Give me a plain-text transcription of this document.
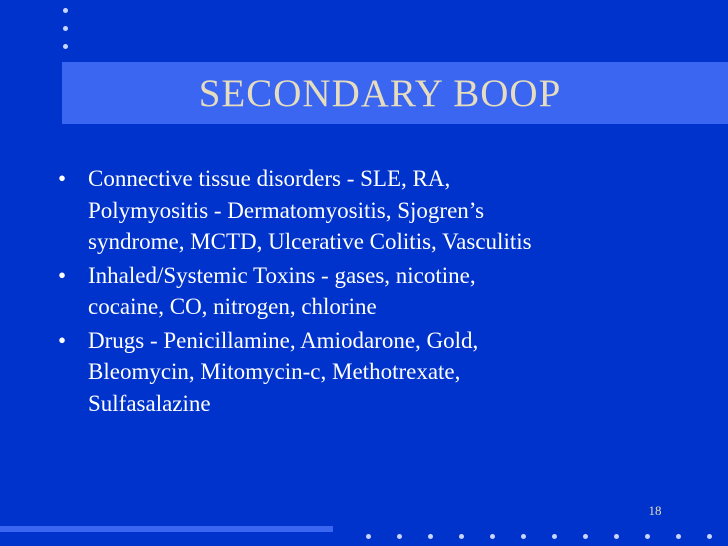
SECONDARY BOOP
• Connective tissue disorders - SLE, RA,
Polymyositis - Dermatomyositis, Sjogren’s
syndrome, MCTD, Ulcerative Colitis, Vasculitis
• Inhaled/Systemic Toxins - gases, nicotine,
cocaine, CO, nitrogen, chlorine
• Drugs - Penicillamine, Amiodarone, Gold,
Bleomycin, Mitomycin-c, Methotrexate,
Sulfasalazine
18
